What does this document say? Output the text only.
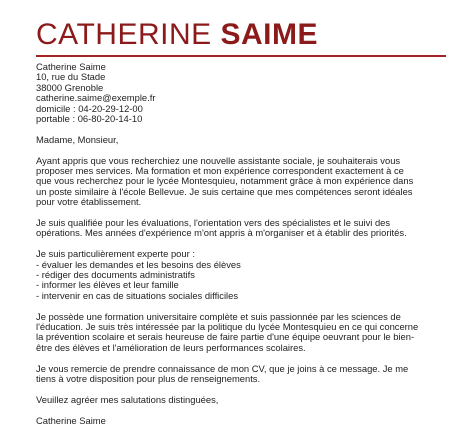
CATHERINE SAIME
Catherine Saime
10, rue du Stade
38000 Grenoble
catherine.saime@exemple.fr
domicile : 04-20-29-12-00
portable : 06-80-20-14-10
Madame, Monsieur,
Ayant appris que vous recherchiez une nouvelle assistante sociale, je souhaiterais vous
proposer mes services. Ma formation et mon expérience correspondent exactement à ce
que vous recherchez pour le lycée Montesquieu, notamment grâce à mon expérience dans
un poste similaire à l'école Bellevue. Je suis certaine que mes compétences seront idéales
pour votre établissement.
Je suis qualifiée pour les évaluations, l'orientation vers des spécialistes et le suivi des
opérations. Mes années d'expérience m'ont appris à m'organiser et à établir des priorités.
Je suis particulièrement experte pour :
- évaluer les demandes et les besoins des élèves
- rédiger des documents administratifs
- informer les élèves et leur famille
- intervenir en cas de situations sociales difficiles
Je possède une formation universitaire complète et suis passionnée par les sciences de
l'éducation. Je suis très intéressée par la politique du lycée Montesquieu en ce qui concerne
la prévention scolaire et serais heureuse de faire partie d'une équipe oeuvrant pour le bien-
être des élèves et l'amélioration de leurs performances scolaires.
Je vous remercie de prendre connaissance de mon CV, que je joins à ce message. Je me
tiens à votre disposition pour plus de renseignements.
Veuillez agréer mes salutations distinguées,
Catherine Saime
